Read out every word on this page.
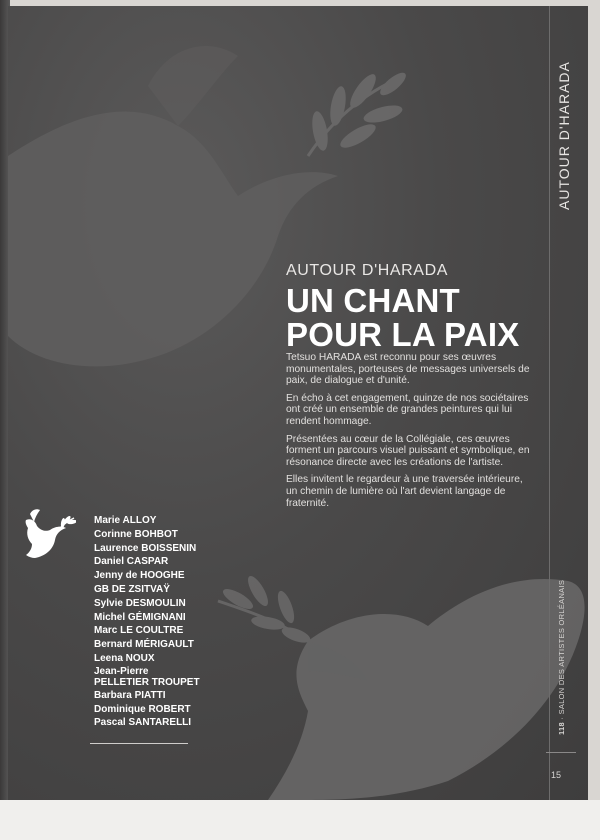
AUTOUR D'HARADA
AUTOUR D'HARADA
UN CHANT
POUR LA PAIX

Tetsuo HARADA est reconnu pour ses œuvres monumentales, porteuses de messages universels de paix, de dialogue et d'unité.

En écho à cet engagement, quinze de nos sociétaires ont créé un ensemble de grandes peintures qui lui rendent hommage.

Présentées au cœur de la Collégiale, ces œuvres forment un parcours visuel puissant et symbolique, en résonance directe avec les créations de l'artiste.

Elles invitent le regardeur à une traversée intérieure, un chemin de lumière où l'art devient langage de fraternité.

Marie ALLOY
Corinne BOHBOT
Laurence BOISSENIN
Daniel CASPAR
Jenny de HOOGHE
GB DE ZSITVAŸ
Sylvie DESMOULIN
Michel GÉMIGNANI
Marc LE COULTRE
Bernard MÉRIGAULT
Leena NOUX
Jean-Pierre
PELLETIER TROUPET
Barbara PIATTI
Dominique ROBERT
Pascal SANTARELLI	118 · SALON DES ARTISTES ORLÉANAIS
15
